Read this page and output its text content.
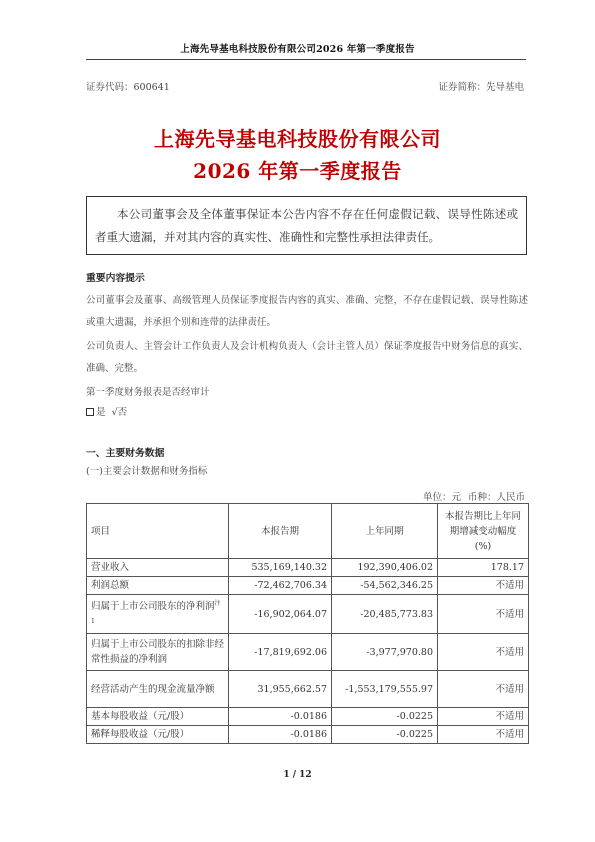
上海先导基电科技股份有限公司2026 年第一季度报告
证券代码：600641	证券简称：先导基电
上海先导基电科技股份有限公司
2026 年第一季度报告
本公司董事会及全体董事保证本公告内容不存在任何虚假记载、误导性陈述或者重大遗漏，并对其内容的真实性、准确性和完整性承担法律责任。
重要内容提示
公司董事会及董事、高级管理人员保证季度报告内容的真实、准确、完整，不存在虚假记载、误导性陈述或重大遗漏，并承担个别和连带的法律责任。
公司负责人、主管会计工作负责人及会计机构负责人（会计主管人员）保证季度报告中财务信息的真实、准确、完整。
第一季度财务报表是否经审计
是 √否
一、主要财务数据
(一)主要会计数据和财务指标
单位：元 币种：人民币
项目	本报告期	上年同期	本报告期比上年同期增减变动幅度(%)
营业收入	535,169,140.32	192,390,406.02	178.17
利润总额	-72,462,706.34	-54,562,346.25	不适用
归属于上市公司股东的净利润$^{注1}$	-16,902,064.07	-20,485,773.83	不适用
归属于上市公司股东的扣除非经常性损益的净利润	-17,819,692.06	-3,977,970.80	不适用
经营活动产生的现金流量净额	31,955,662.57	-1,553,179,555.97	不适用
基本每股收益（元/股）	-0.0186	-0.0225	不适用
稀释每股收益（元/股）	-0.0186	-0.0225	不适用
1 / 12
